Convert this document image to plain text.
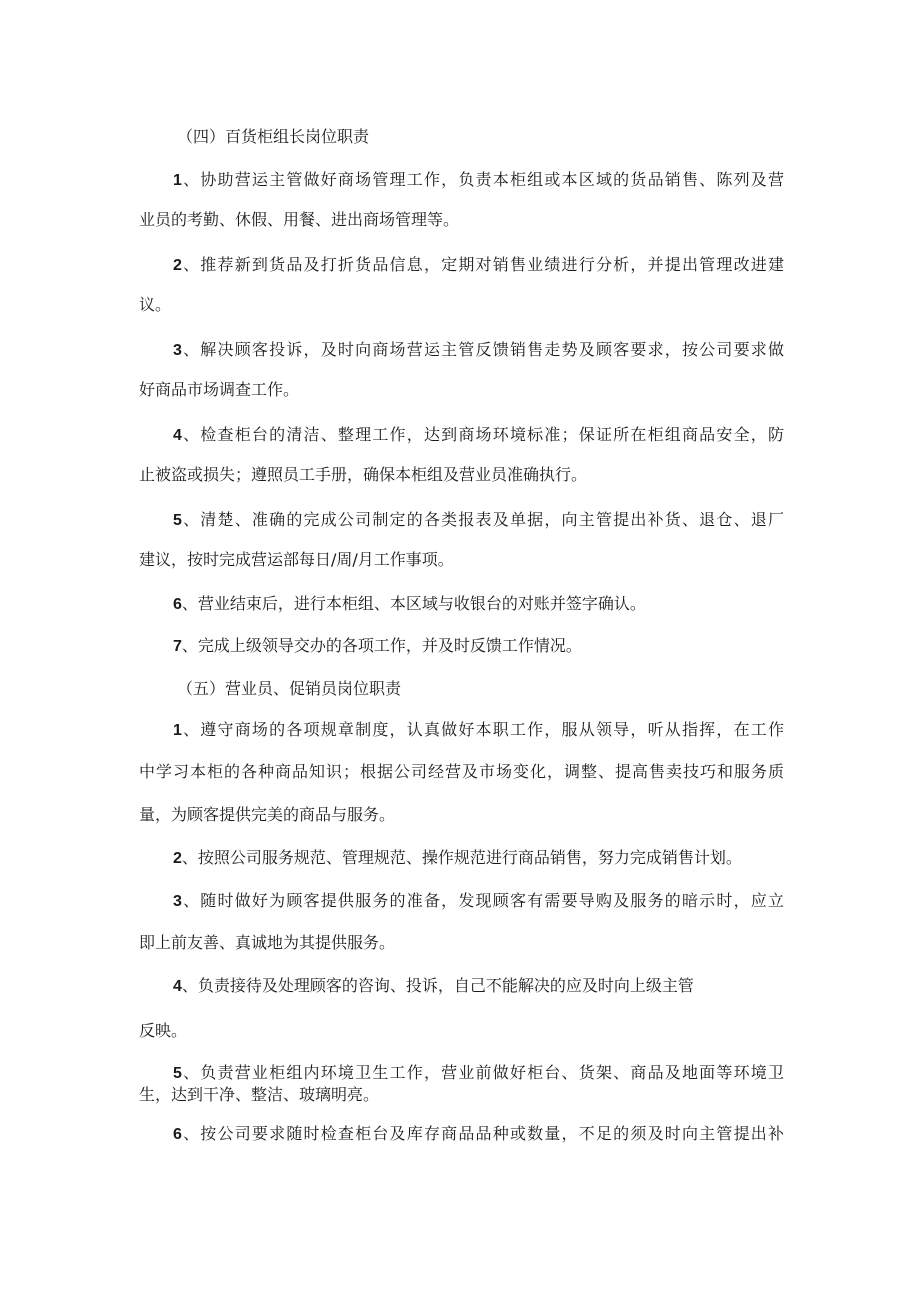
（四）百货柜组长岗位职责
1、协助营运主管做好商场管理工作，负责本柜组或本区域的货品销售、陈列及营
业员的考勤、休假、用餐、进出商场管理等。
2、推荐新到货品及打折货品信息，定期对销售业绩进行分析，并提出管理改进建
议。
3、解决顾客投诉，及时向商场营运主管反馈销售走势及顾客要求，按公司要求做
好商品市场调查工作。
4、检查柜台的清洁、整理工作，达到商场环境标准；保证所在柜组商品安全，防
止被盗或损失；遵照员工手册，确保本柜组及营业员准确执行。
5、清楚、准确的完成公司制定的各类报表及单据，向主管提出补货、退仓、退厂
建议，按时完成营运部每日/周/月工作事项。
6、营业结束后，进行本柜组、本区域与收银台的对账并签字确认。
7、完成上级领导交办的各项工作，并及时反馈工作情况。
（五）营业员、促销员岗位职责
1、遵守商场的各项规章制度，认真做好本职工作，服从领导，听从指挥，在工作
中学习本柜的各种商品知识；根据公司经营及市场变化，调整、提高售卖技巧和服务质
量，为顾客提供完美的商品与服务。
2、按照公司服务规范、管理规范、操作规范进行商品销售，努力完成销售计划。
3、随时做好为顾客提供服务的准备，发现顾客有需要导购及服务的暗示时，应立
即上前友善、真诚地为其提供服务。
4、负责接待及处理顾客的咨询、投诉，自己不能解决的应及时向上级主管
反映。
5、负责营业柜组内环境卫生工作，营业前做好柜台、货架、商品及地面等环境卫
生，达到干净、整洁、玻璃明亮。
6、按公司要求随时检查柜台及库存商品品种或数量，不足的须及时向主管提出补
